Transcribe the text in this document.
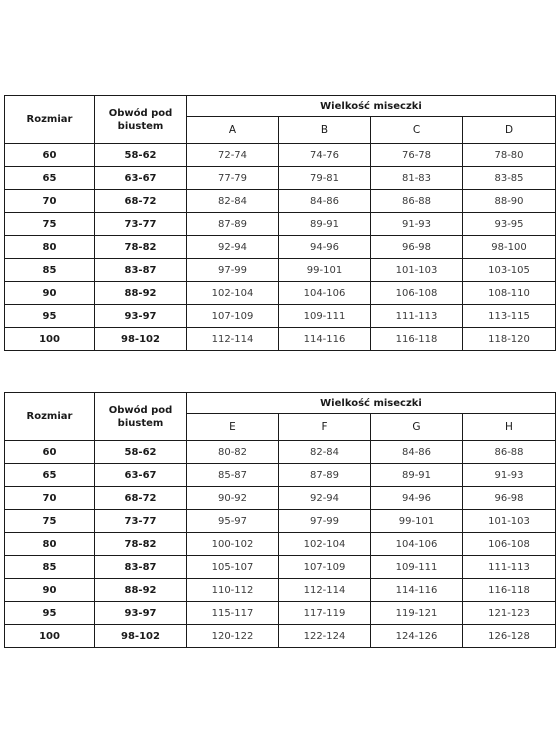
Rozmiar	Obwód pod biustem	Wielkość miseczki			
		A	B	C	D
60	58-62	72-74	74-76	76-78	78-80
65	63-67	77-79	79-81	81-83	83-85
70	68-72	82-84	84-86	86-88	88-90
75	73-77	87-89	89-91	91-93	93-95
80	78-82	92-94	94-96	96-98	98-100
85	83-87	97-99	99-101	101-103	103-105
90	88-92	102-104	104-106	106-108	108-110
95	93-97	107-109	109-111	111-113	113-115
100	98-102	112-114	114-116	116-118	118-120
Rozmiar	Obwód pod biustem	Wielkość miseczki			
		E	F	G	H
60	58-62	80-82	82-84	84-86	86-88
65	63-67	85-87	87-89	89-91	91-93
70	68-72	90-92	92-94	94-96	96-98
75	73-77	95-97	97-99	99-101	101-103
80	78-82	100-102	102-104	104-106	106-108
85	83-87	105-107	107-109	109-111	111-113
90	88-92	110-112	112-114	114-116	116-118
95	93-97	115-117	117-119	119-121	121-123
100	98-102	120-122	122-124	124-126	126-128
